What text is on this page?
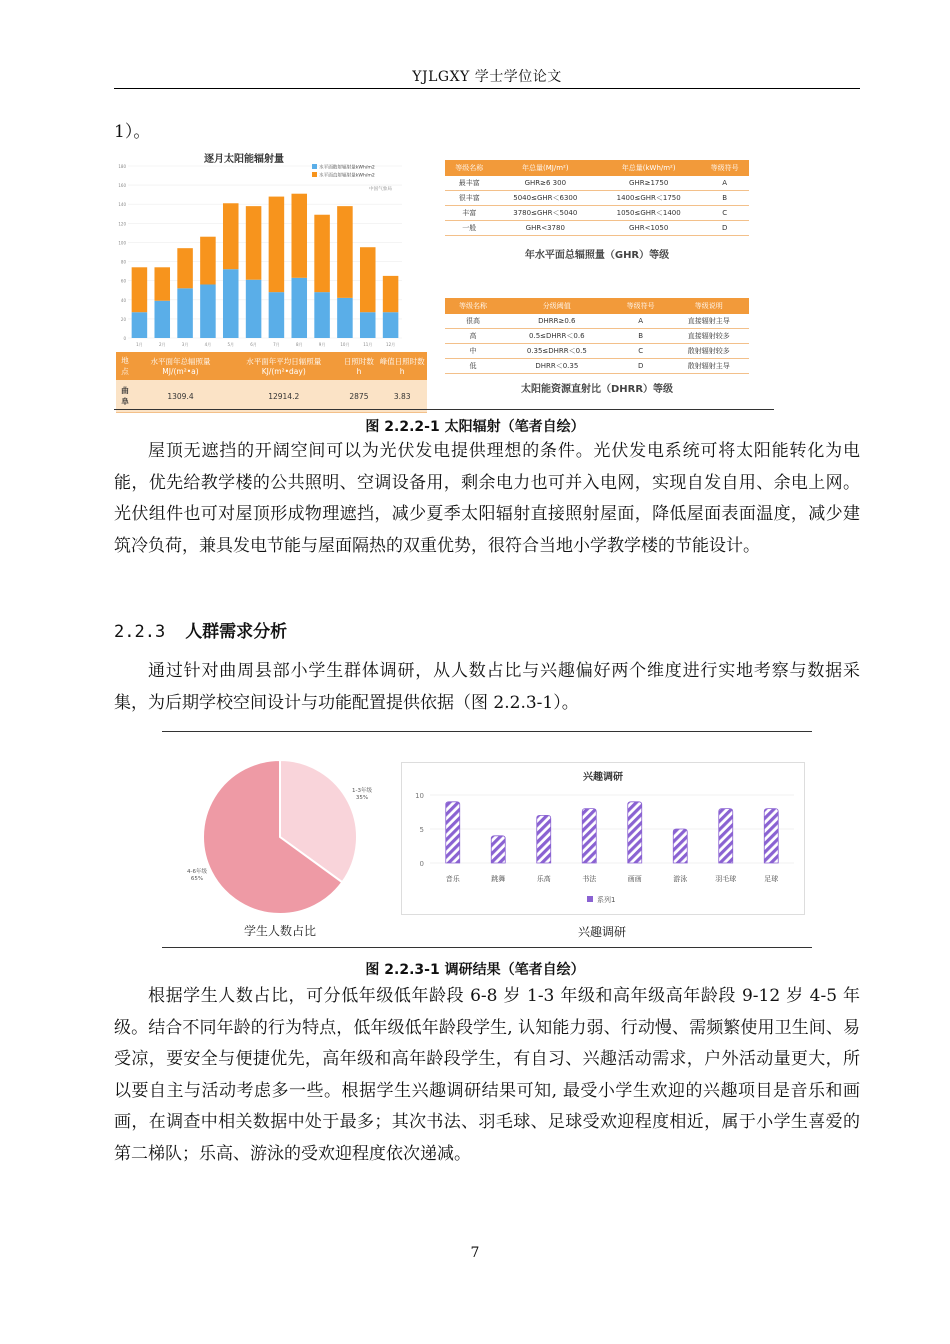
YJLGXY 学士学位论文
1）。
0
20
40
60
80
100
120
140
160
180
逐月太阳能辐射量
1月	2月	3月	4月	5月	6月	7月	8月	9月	10月	11月	12月
水平面散射辐射量kWh/m2
水平面直射辐射量kWh/m2
中国气象局
地点	水平面年总辐照量MJ/(m²•a)	水平面年平均日辐照量KJ/(m²•day)	日照时数h	峰值日照时数h
曲阜	1309.4	12914.2	2875	3.83
等级名称	年总量(MJ/m²)	年总量(kWh/m²)	等级符号
最丰富	GHR≥6 300	GHR≥1750	A
很丰富	5040≤GHR＜6300	1400≤GHR＜1750	B
丰富	3780≤GHR＜5040	1050≤GHR＜1400	C
一般	GHR<3780	GHR<1050	D
年水平面总辐照量（GHR）等级
等级名称	分级阈值	等级符号	等级说明
很高	DHRR≥0.6	A	直接辐射主导
高	0.5≤DHRR＜0.6	B	直接辐射较多
中	0.35≤DHRR＜0.5	C	散射辐射较多
低	DHRR＜0.35	D	散射辐射主导
太阳能资源直射比（DHRR）等级
图 2.2.2-1 太阳辐射（笔者自绘）
屋顶无遮挡的开阔空间可以为光伏发电提供理想的条件。光伏发电系统可将太阳能转化为电能，优先给教学楼的公共照明、空调设备用，剩余电力也可并入电网，实现自发自用、余电上网。光伏组件也可对屋顶形成物理遮挡，减少夏季太阳辐射直接照射屋面，降低屋面表面温度，减少建筑冷负荷，兼具发电节能与屋面隔热的双重优势，很符合当地小学教学楼的节能设计。
2.2.3 人群需求分析
通过针对曲周县部小学生群体调研，从人数占比与兴趣偏好两个维度进行实地考察与数据采集，为后期学校空间设计与功能配置提供依据（图 2.2.3-1）。
1-3年级
35%
4-6年级
65%
学生人数占比
兴趣调研
0
5
10
音乐	跳舞	乐高	书法	画画	游泳	羽毛球	足球
系列1
兴趣调研
图 2.2.3-1 调研结果（笔者自绘）
根据学生人数占比，可分低年级低年龄段 6-8 岁 1-3 年级和高年级高年龄段 9-12 岁 4-5 年级。结合不同年龄的行为特点，低年级低年龄段学生, 认知能力弱、行动慢、需频繁使用卫生间、易受凉，要安全与便捷优先，高年级和高年龄段学生，有自习、兴趣活动需求，户外活动量更大，所以要自主与活动考虑多一些。根据学生兴趣调研结果可知, 最受小学生欢迎的兴趣项目是音乐和画画，在调查中相关数据中处于最多；其次书法、羽毛球、足球受欢迎程度相近，属于小学生喜爱的第二梯队；乐高、游泳的受欢迎程度依次递减。
7
